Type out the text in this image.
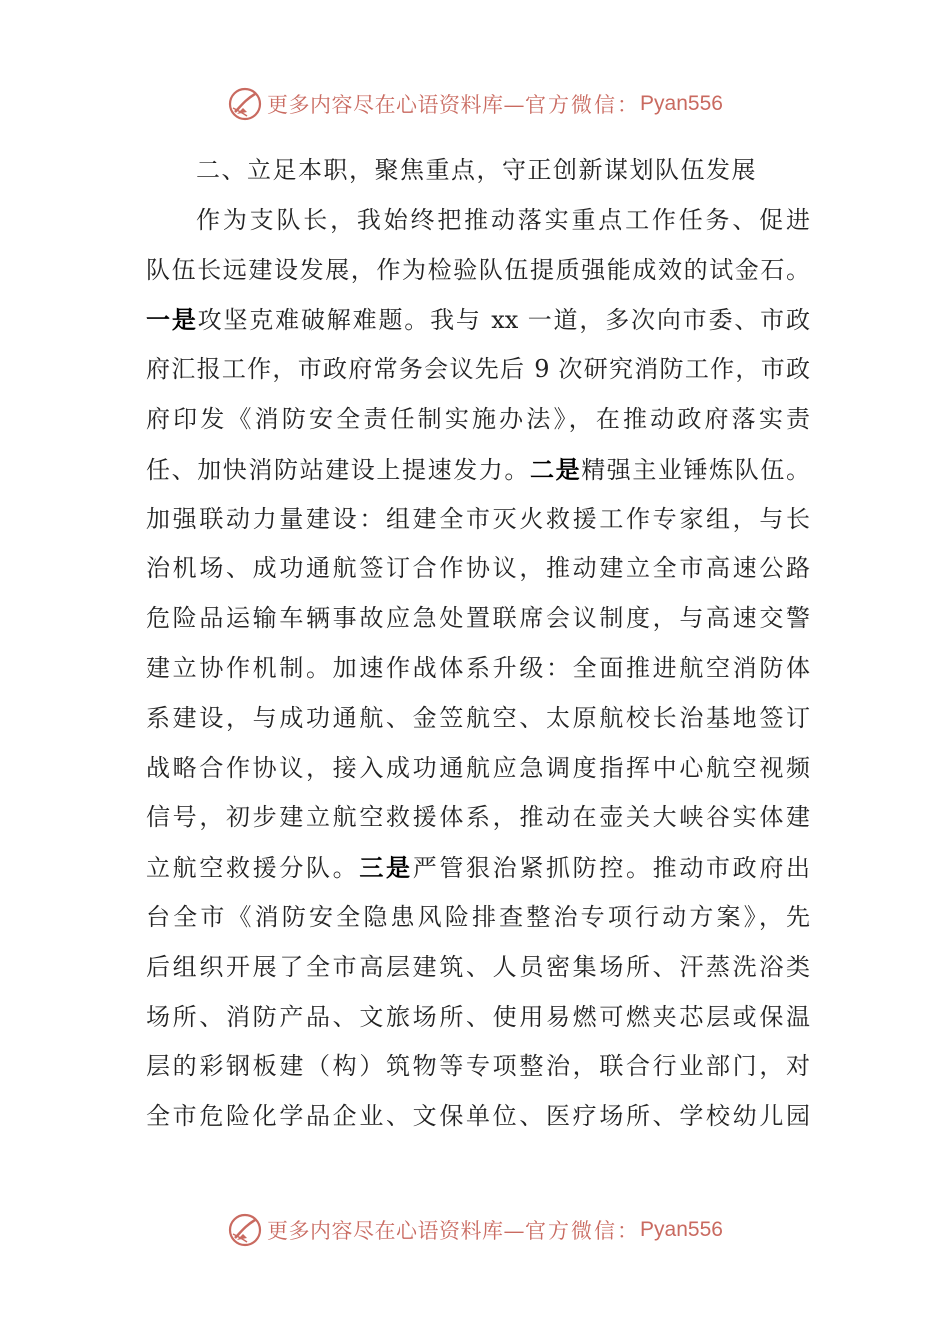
更多内容尽在心语资料库— 官方微信： Pyan556
二、立足本职，聚焦重点，守正创新谋划队伍发展
作为支队长，我始终把推动落实重点工作任务、促进
队伍长远建设发展，作为检验队伍提质强能成效的试金石。
一是攻坚克难破解难题。我与 xx 一道，多次向市委、市政
府汇报工作，市政府常务会议先后 9 次研究消防工作，市政
府印发《消防安全责任制实施办法》，在推动政府落实责
任、加快消防站建设上提速发力。二是精强主业锤炼队伍。
加强联动力量建设：组建全市灭火救援工作专家组，与长
治机场、成功通航签订合作协议，推动建立全市高速公路
危险品运输车辆事故应急处置联席会议制度，与高速交警
建立协作机制。加速作战体系升级：全面推进航空消防体
系建设，与成功通航、金笠航空、太原航校长治基地签订
战略合作协议，接入成功通航应急调度指挥中心航空视频
信号，初步建立航空救援体系，推动在壶关大峡谷实体建
立航空救援分队。三是严管狠治紧抓防控。推动市政府出
台全市《消防安全隐患风险排查整治专项行动方案》，先
后组织开展了全市高层建筑、人员密集场所、汗蒸洗浴类
场所、消防产品、文旅场所、使用易燃可燃夹芯层或保温
层的彩钢板建（构）筑物等专项整治，联合行业部门，对
全市危险化学品企业、文保单位、医疗场所、学校幼儿园
更多内容尽在心语资料库— 官方微信： Pyan556
